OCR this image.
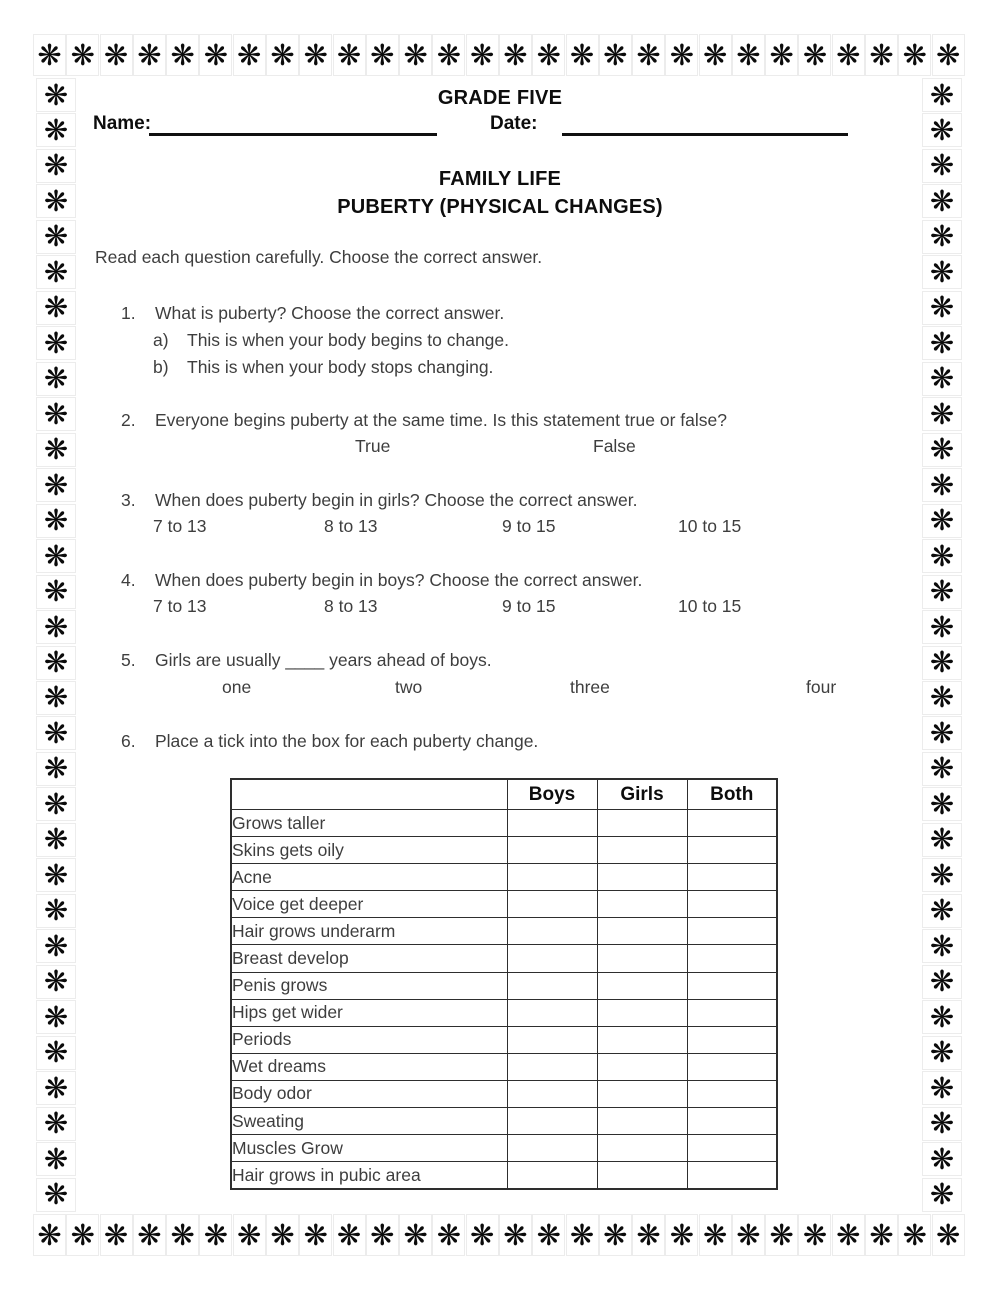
❋ ❋ ❋ ❋ ❋ ❋ ❋ ❋ ❋ ❋ ❋ ❋ ❋ ❋ ❋ ❋ ❋ ❋ ❋ ❋ ❋ ❋ ❋ ❋ ❋ ❋ ❋ ❋
❋ ❋ ❋ ❋ ❋ ❋ ❋ ❋ ❋ ❋ ❋ ❋ ❋ ❋ ❋ ❋ ❋ ❋ ❋ ❋ ❋ ❋ ❋ ❋ ❋ ❋ ❋ ❋
❋
❋
❋
❋
❋
❋
❋
❋
❋
❋
❋
❋
❋
❋
❋
❋
❋
❋
❋
❋
❋
❋
❋
❋
❋
❋
❋
❋
❋
❋
❋
❋
❋
❋
❋
❋
❋
❋
❋
❋
❋
❋
❋
❋
❋
❋
❋
❋
❋
❋
❋
❋
❋
❋
❋
❋
❋
❋
❋
❋
❋
❋
❋
❋
GRADE FIVE
Name:	Date:
FAMILY LIFE
PUBERTY (PHYSICAL CHANGES)
Read each question carefully. Choose the correct answer.
1. What is puberty? Choose the correct answer.
a) This is when your body begins to change.
b) This is when your body stops changing.
2. Everyone begins puberty at the same time. Is this statement true or false?
True	False
3. When does puberty begin in girls? Choose the correct answer.
7 to 13	8 to 13	9 to 15	10 to 15
4. When does puberty begin in boys? Choose the correct answer.
7 to 13	8 to 13	9 to 15	10 to 15
5. Girls are usually ____ years ahead of boys.
one	two	three	four
6. Place a tick into the box for each puberty change.
	Boys	Girls	Both
Grows taller			
Skins gets oily			
Acne			
Voice get deeper			
Hair grows underarm			
Breast develop			
Penis grows			
Hips get wider			
Periods			
Wet dreams			
Body odor			
Sweating			
Muscles Grow			
Hair grows in pubic area			
